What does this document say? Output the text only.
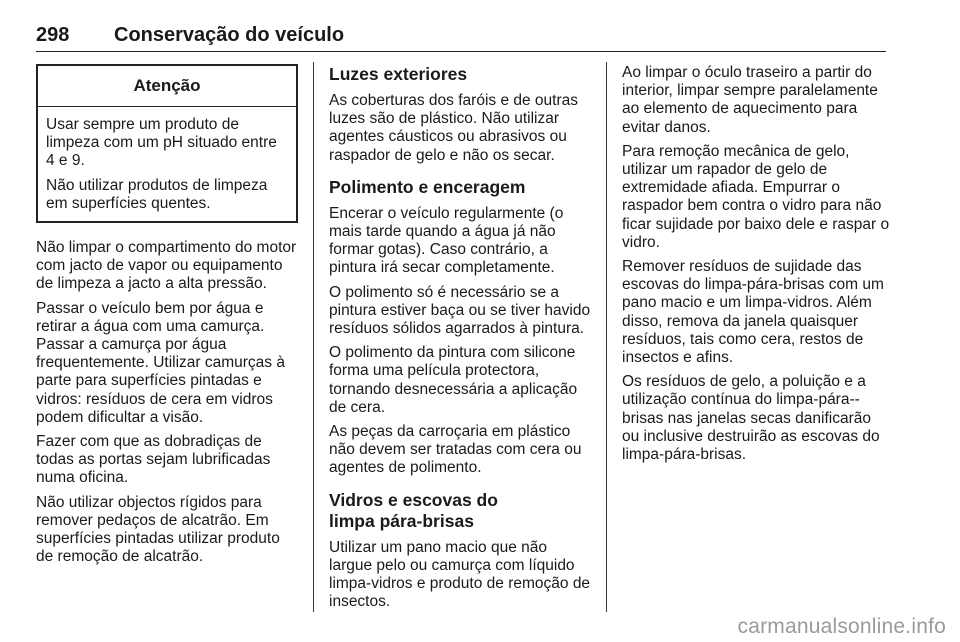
298 Conservação do veículo
Atenção

Usar sempre um produto de limpeza com um pH situado entre 4 e 9.

Não utilizar produtos de limpeza em superfícies quentes.

Não limpar o compartimento do motor com jacto de vapor ou equipamento de limpeza a jacto a alta pressão.

Passar o veículo bem por água e retirar a água com uma camurça. Passar a camurça por água frequentemente. Utilizar camurças à parte para superfícies pintadas e vidros: resíduos de cera em vidros podem dificultar a visão.

Fazer com que as dobradiças de todas as portas sejam lubrificadas numa oficina.

Não utilizar objectos rígidos para remover pedaços de alcatrão. Em superfícies pintadas utilizar produto de remoção de alcatrão.

Luzes exteriores

As coberturas dos faróis e de outras luzes são de plástico. Não utilizar agentes cáusticos ou abrasivos ou raspador de gelo e não os secar.

Polimento e enceragem

Encerar o veículo regularmente (o mais tarde quando a água já não formar gotas). Caso contrário, a pintura irá secar completamente.

O polimento só é necessário se a pintura estiver baça ou se tiver havido resíduos sólidos agarrados à pintura.

O polimento da pintura com silicone forma uma película protectora, tornando desnecessária a aplicação de cera.

As peças da carroçaria em plástico não devem ser tratadas com cera ou agentes de polimento.

Vidros e escovas do
limpa pára-brisas

Utilizar um pano macio que não largue pelo ou camurça com líquido limpa-vidros e produto de remoção de insectos.

Ao limpar o óculo traseiro a partir do interior, limpar sempre paralelamente ao elemento de aquecimento para evitar danos.

Para remoção mecânica de gelo, utilizar um rapador de gelo de extremidade afiada. Empurrar o raspador bem contra o vidro para não ficar sujidade por baixo dele e raspar o vidro.

Remover resíduos de sujidade das escovas do limpa-pára-brisas com um pano macio e um limpa-vidros. Além disso, remova da janela quaisquer resíduos, tais como cera, restos de insectos e afins.

Os resíduos de gelo, a poluição e a utilização contínua do limpa-pára--brisas nas janelas secas danificarão ou inclusive destruirão as escovas do limpa-pára-brisas.

carmanualsonline.info
